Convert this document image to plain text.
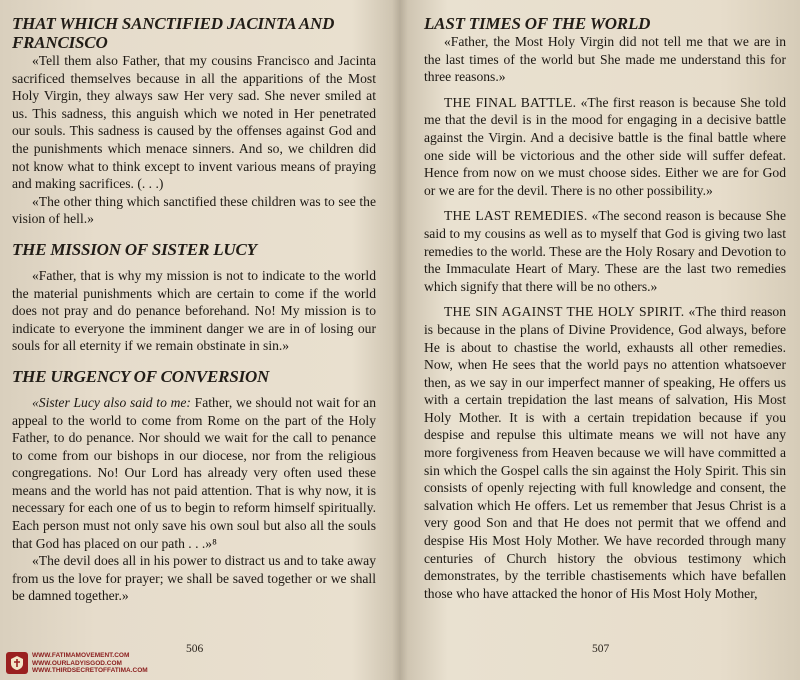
THAT WHICH SANCTIFIED JACINTA AND FRANCISCO

«Tell them also Father, that my cousins Francisco and Jacinta sacrificed themselves because in all the apparitions of the Most Holy Virgin, they always saw Her very sad. She never smiled at us. This sadness, this anguish which we noted in Her penetrated our souls. This sadness is caused by the offenses against God and the punishments which menace sinners. And so, we children did not know what to think except to invent various means of praying and making sacrifices. (. . .)

«The other thing which sanctified these children was to see the vision of hell.»

THE MISSION OF SISTER LUCY

«Father, that is why my mission is not to indicate to the world the material punishments which are certain to come if the world does not pray and do penance beforehand. No! My mission is to indicate to everyone the imminent danger we are in of losing our souls for all eternity if we remain obstinate in sin.»

THE URGENCY OF CONVERSION

«Sister Lucy also said to me: Father, we should not wait for an appeal to the world to come from Rome on the part of the Holy Father, to do penance. Nor should we wait for the call to penance to come from our bishops in our diocese, nor from the religious congregations. No! Our Lord has already very often used these means and the world has not paid attention. That is why now, it is necessary for each one of us to begin to reform himself spiritually. Each person must not only save his own soul but also all the souls that God has placed on our path . . .»⁸

«The devil does all in his power to distract us and to take away from us the love for prayer; we shall be saved together or we shall be damned together.»

506
LAST TIMES OF THE WORLD

«Father, the Most Holy Virgin did not tell me that we are in the last times of the world but She made me understand this for three reasons.»

THE FINAL BATTLE. «The first reason is because She told me that the devil is in the mood for engaging in a decisive battle against the Virgin. And a decisive battle is the final battle where one side will be victorious and the other side will suffer defeat. Hence from now on we must choose sides. Either we are for God or we are for the devil. There is no other possibility.»

THE LAST REMEDIES. «The second reason is because She said to my cousins as well as to myself that God is giving two last remedies to the world. These are the Holy Rosary and Devotion to the Immaculate Heart of Mary. These are the last two remedies which signify that there will be no others.»

THE SIN AGAINST THE HOLY SPIRIT. «The third reason is because in the plans of Divine Providence, God always, before He is about to chastise the world, exhausts all other remedies. Now, when He sees that the world pays no attention whatsoever then, as we say in our imperfect manner of speaking, He offers us with a certain trepidation the last means of salvation, His Most Holy Mother. It is with a certain trepidation because if you despise and repulse this ultimate means we will not have any more forgiveness from Heaven because we will have committed a sin which the Gospel calls the sin against the Holy Spirit. This sin consists of openly rejecting with full knowledge and consent, the salvation which He offers. Let us remember that Jesus Christ is a very good Son and that He does not permit that we offend and despise His Most Holy Mother. We have recorded through many centuries of Church history the obvious testimony which demonstrates, by the terrible chastisements which have befallen those who have attacked the honor of His Most Holy Mother,

507
WWW.FATIMAMOVEMENT.COM
WWW.OURLADYISGOD.COM
WWW.THIRDSECRETOFFATIMA.COM
